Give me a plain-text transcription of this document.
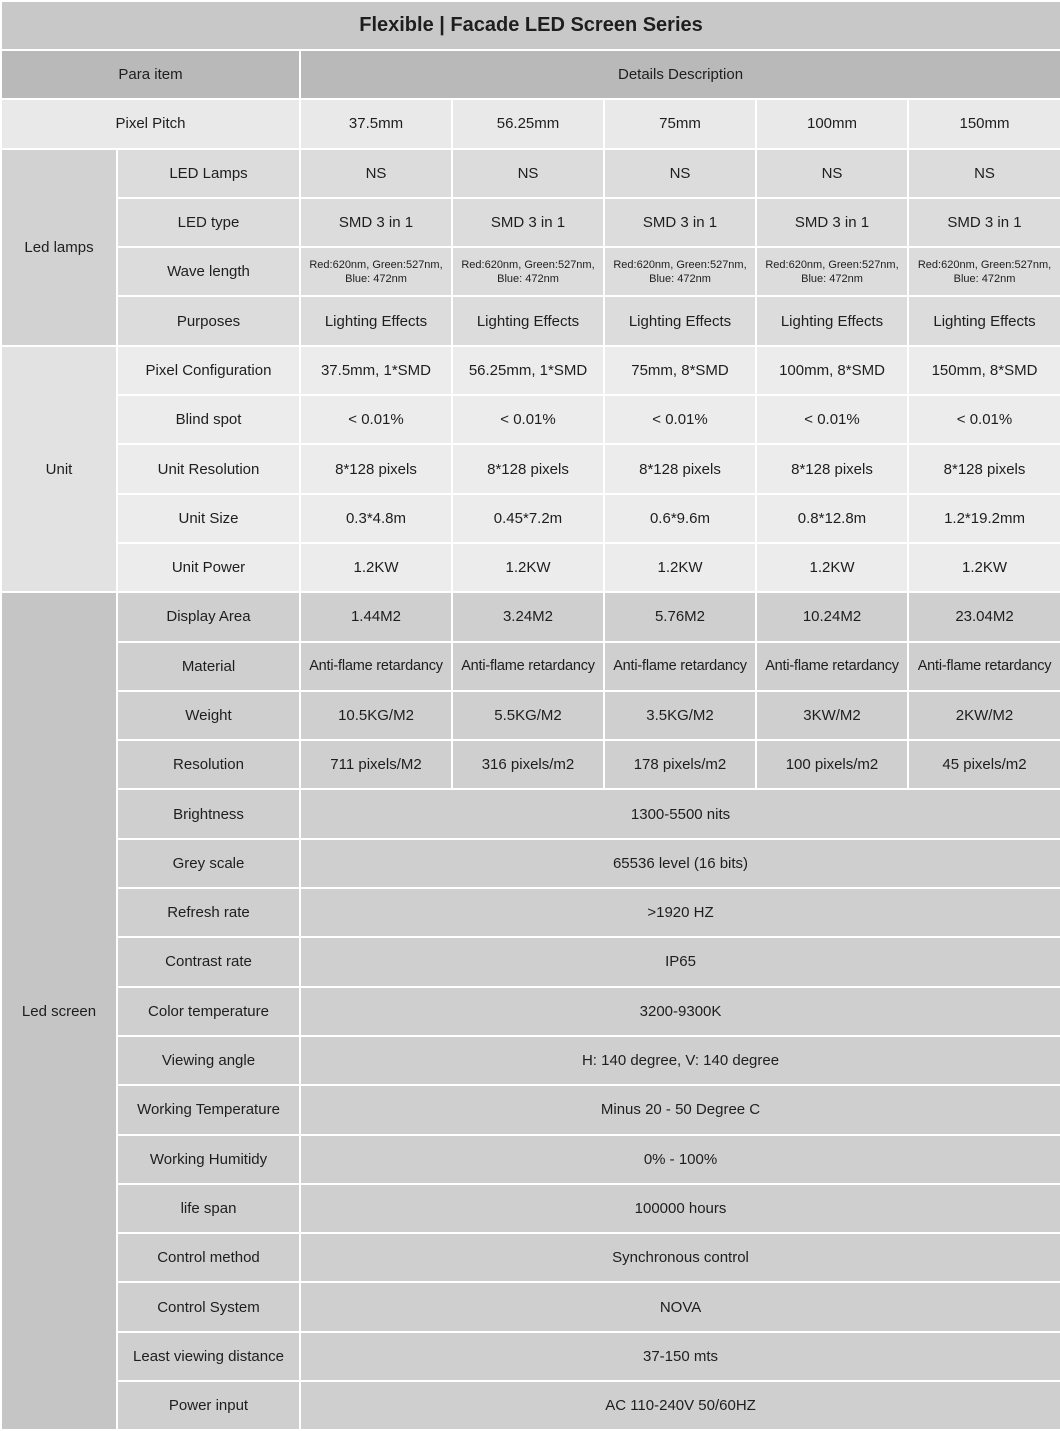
Flexible | Facade LED Screen Series						
Para item		Details Description				
Pixel Pitch		37.5mm	56.25mm	75mm	100mm	150mm
Led lamps	LED Lamps	NS	NS	NS	NS	NS
	LED type	SMD 3 in 1	SMD 3 in 1	SMD 3 in 1	SMD 3 in 1	SMD 3 in 1
	Wave length	Red:620nm, Green:527nm, Blue: 472nm	Red:620nm, Green:527nm, Blue: 472nm	Red:620nm, Green:527nm, Blue: 472nm	Red:620nm, Green:527nm, Blue: 472nm	Red:620nm, Green:527nm, Blue: 472nm
	Purposes	Lighting Effects	Lighting Effects	Lighting Effects	Lighting Effects	Lighting Effects
Unit	Pixel Configuration	37.5mm, 1*SMD	56.25mm, 1*SMD	75mm, 8*SMD	100mm, 8*SMD	150mm, 8*SMD
	Blind spot	< 0.01%	< 0.01%	< 0.01%	< 0.01%	< 0.01%
	Unit Resolution	8*128 pixels	8*128 pixels	8*128 pixels	8*128 pixels	8*128 pixels
	Unit Size	0.3*4.8m	0.45*7.2m	0.6*9.6m	0.8*12.8m	1.2*19.2mm
	Unit Power	1.2KW	1.2KW	1.2KW	1.2KW	1.2KW
Led screen	Display Area	1.44M2	3.24M2	5.76M2	10.24M2	23.04M2
	Material	Anti-flame retardancy	Anti-flame retardancy	Anti-flame retardancy	Anti-flame retardancy	Anti-flame retardancy
	Weight	10.5KG/M2	5.5KG/M2	3.5KG/M2	3KW/M2	2KW/M2
	Resolution	711 pixels/M2	316 pixels/m2	178 pixels/m2	100 pixels/m2	45 pixels/m2
	Brightness	1300-5500 nits				
	Grey scale	65536 level (16 bits)				
	Refresh rate	>1920 HZ				
	Contrast rate	IP65				
	Color temperature	3200-9300K				
	Viewing angle	H: 140 degree, V: 140 degree				
	Working Temperature	Minus 20 - 50 Degree C				
	Working Humitidy	0% - 100%				
	life span	100000 hours				
	Control method	Synchronous control				
	Control System	NOVA				
	Least viewing distance	37-150 mts				
	Power input	AC 110-240V 50/60HZ				
